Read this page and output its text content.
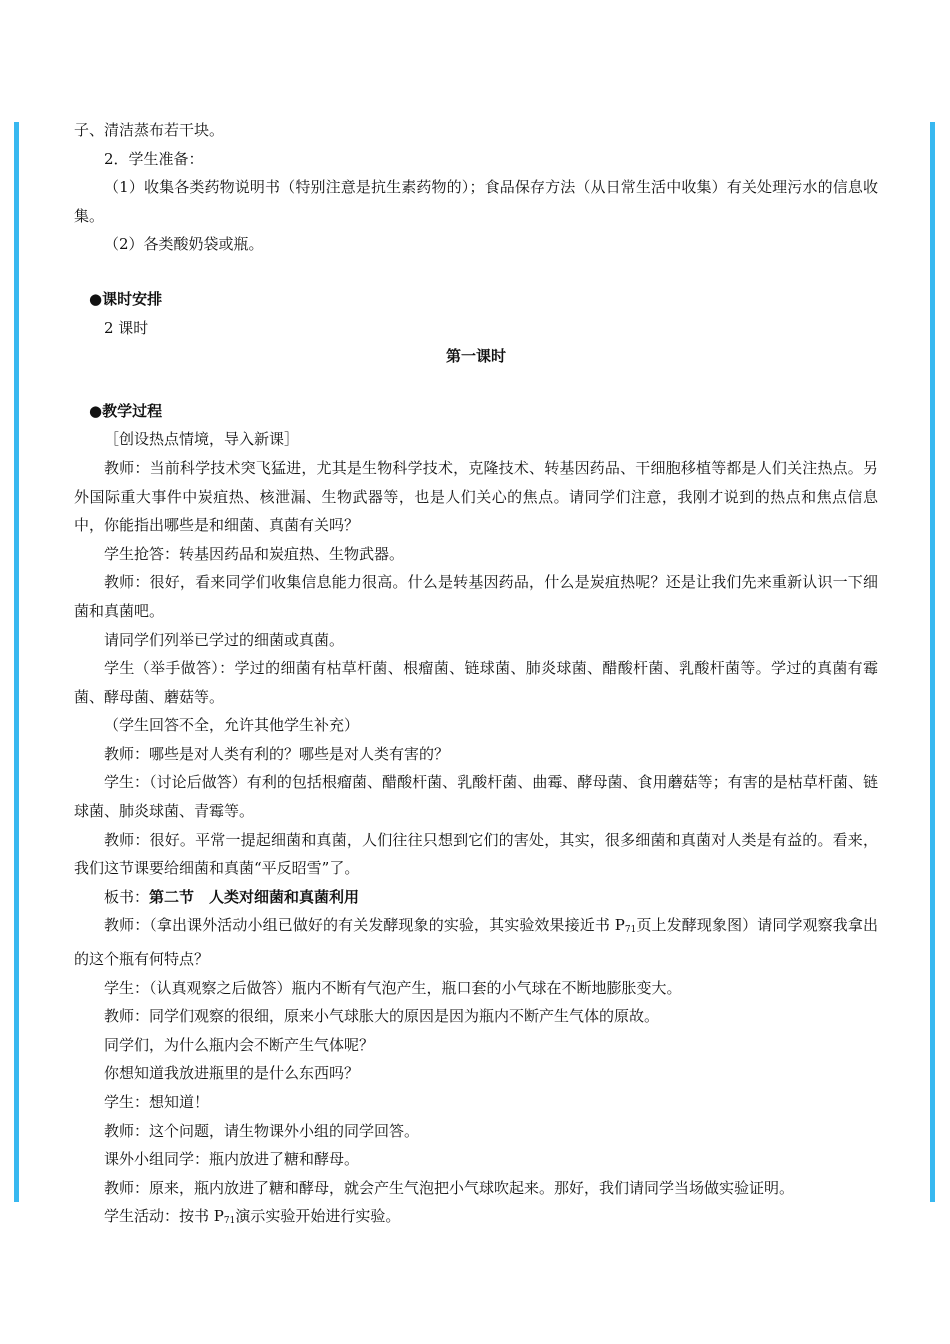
子、清洁蒸布若干块。

2．学生准备：

（1）收集各类药物说明书（特别注意是抗生素药物的）；食品保存方法（从日常生活中收集）有关处理污水的信息收集。

（2）各类酸奶袋或瓶。

●课时安排

2 课时

第一课时

●教学过程

［创设热点情境，导入新课］

教师：当前科学技术突飞猛进，尤其是生物科学技术，克隆技术、转基因药品、干细胞移植等都是人们关注热点。另外国际重大事件中炭疽热、核泄漏、生物武器等，也是人们关心的焦点。请同学们注意，我刚才说到的热点和焦点信息中，你能指出哪些是和细菌、真菌有关吗？

学生抢答：转基因药品和炭疽热、生物武器。

教师：很好，看来同学们收集信息能力很高。什么是转基因药品，什么是炭疽热呢？还是让我们先来重新认识一下细菌和真菌吧。

请同学们列举已学过的细菌或真菌。

学生（举手做答）：学过的细菌有枯草杆菌、根瘤菌、链球菌、肺炎球菌、醋酸杆菌、乳酸杆菌等。学过的真菌有霉菌、酵母菌、蘑菇等。

（学生回答不全，允许其他学生补充）

教师：哪些是对人类有利的？哪些是对人类有害的？

学生：（讨论后做答）有利的包括根瘤菌、醋酸杆菌、乳酸杆菌、曲霉、酵母菌、食用蘑菇等；有害的是枯草杆菌、链球菌、肺炎球菌、青霉等。

教师：很好。平常一提起细菌和真菌，人们往往只想到它们的害处，其实，很多细菌和真菌对人类是有益的。看来，我们这节课要给细菌和真菌“平反昭雪”了。

板书：第二节　人类对细菌和真菌利用

教师：（拿出课外活动小组已做好的有关发酵现象的实验，其实验效果接近书 $P_{71}$页上发酵现象图）请同学观察我拿出的这个瓶有何特点？

学生：（认真观察之后做答）瓶内不断有气泡产生，瓶口套的小气球在不断地膨胀变大。

教师：同学们观察的很细，原来小气球胀大的原因是因为瓶内不断产生气体的原故。

同学们，为什么瓶内会不断产生气体呢？

你想知道我放进瓶里的是什么东西吗？

学生：想知道！

教师：这个问题，请生物课外小组的同学回答。

课外小组同学：瓶内放进了糖和酵母。

教师：原来，瓶内放进了糖和酵母，就会产生气泡把小气球吹起来。那好，我们请同学当场做实验证明。

学生活动：按书 $P_{71}$演示实验开始进行实验。
